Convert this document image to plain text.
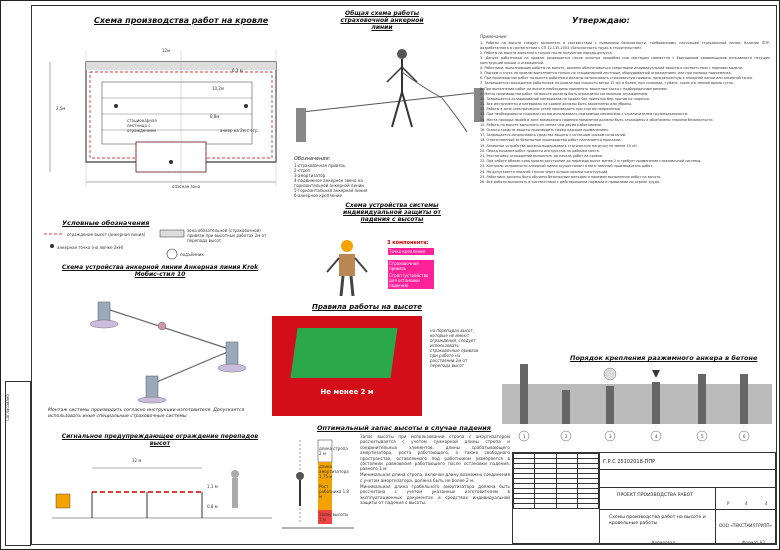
Согласовано
Схема производства работ на кровле
стационарная лестница с ограждением	анкер на 2м с огр.
опасная зона
12м
6,3 м
10,2м
8,8м
2,5м
Условные обозначения
ограждение высот (анкерная линия)
анкерная точка (на лючке 2кН)
зона обязательной (страховочной) привязи при высотных работах 2м от перепада высот
подъёмник
Схема устройства анкерной линии Анкерная линия Krok Мобис-стил 10
Монтаж системы производить согласно инструкции-изготовителя. Допускается использовать иные специальные страховочные системы
Сигнальное предупреждающее ограждение перепадов высот
12 м
1,1 м
0,8 м
Общая схема работы страховочной анкерной линии
Обозначения:
1-страховочная привязь
2-строп
3-амортизатор
4-подвижное анкерное звено на горизонтальной анкерной линии
5-горизонтальная анкерная линия
6-анкерное крепление
Схема устройства системы индивидуальной защиты от падения с высоты
3 компонента:
Точка крепления
Страховочная привязь
Строп (устройство для остановки падения)
Правила работы на высоте
Не менее 2 м
на перепадах высот, которые не имеют ограждения, следует использовать страховочные привязи при работе на расстоянии 2м от перепада высот
Оптимальный запас высоты в случае падения
длина стропа 2 м
длина амортизатора 1,75 м
Рост работника 1,8 м
Запас высоты 1 м

Запас высоты при использовании стропа с амортизатором рассчитывается с учетом суммарной длины стропа и соединительных элементов, длины срабатывающего амортизатора, роста работающего, а также свободного пространства, оставляемого под работником (измеряется в состоянии равновесия работающего после остановки падения, равного 1 м.

Минимальная длина стропа, включая длину возможно соединения с учетом амортизатора, должна быть не более 2 м.

Минимальная длина грабельного амортизатора должна быть рассчитана с учетом указанных изготовителем в эксплуатационных документах и средствах индивидуальной защиты от падения с высоты.

Утверждаю:
Примечание:

1. Работы на высоте следует выполнять в соответствии с правилами безопасности, требованиями, настоящей страховочной линии, Наличие ППР, разработанного в соответствии с СП 12-135-2003 «Безопасность труда в строительстве».

2. Работы на высоте выполнять только после получения наряда-допуска.

3. Допуск работников на кровлю разрешается после осмотра прорабом или мастером совместно с бригадиром кровельщиков исправности несущих конструкций крыши и ограждений.

4. Работники, выполняющие работы на высоте, должны обеспечиваться средствами индивидуальной защиты в соответствии с нормами выдачи.

5. Подъем и спуск на кровлю выполняется только по стационарной лестнице, оборудованной ограждением, или при помощи подъемника.

6. При производстве работ на высоте работники должны использовать страховочную привязь, прикрепленную к анкерной линии или анкерной точке.

7. Запрещается нахождение работников на кровле при скорости ветра 15 м/с и более, при гололеде, тумане, грозе и в темное время суток.

8. При выполнении работ на высоте необходимо применять защитные каски с подбородочным ремнем.

9. Места производства работ на высоте должны быть ограждены сигнальным ограждением.

10. Запрещается складирование материалов на кровле без принятия мер против их падения.

11. Все инструменты и материалы на кровле должны быть закреплены или убраны.

12. Работы в зоне электрических сетей производить при снятом напряжении.

13. При необходимости подъема грузов использовать подъемные механизмы с ограничителем грузоподъемности.

14. Места прохода людей в зоне возможного падения предметов должны быть ограждены и обозначены знаками безопасности.

15. Работы на высоте выполнять не менее чем двумя работниками.

16. Осмотр средств защиты производить перед каждым применением.

17. Запрещается использовать средства защиты с истекшим сроком испытаний.

18. Ответственный за безопасное производство работ назначается приказом.

19. Анкерные устройства должны выдерживать статическую нагрузку не менее 10 кН.

20. Перед началом работ провести инструктаж на рабочем месте.

21. Расстановку ограждений выполнять до начала работ на кровле.

22. При работе вблизи края кровли расстояние до перепада высот менее 2 м требует применения страховочной системы.

23. Контроль исправности анкерной линии осуществляет ответственный производитель работ.

24. Не допускается перегиб стропа через острые кромки конструкций.

25. Работники должны быть обучены безопасным методам и приемам выполнения работ на высоте.

26. Все работы выполнять в соответствии с действующими нормами и правилами по охране труда.

Порядок крепления разжимного анкера в бетоне
1	2	3	4	5	6
Г.Р.С 25102018-ППР
ПРОЕКТ ПРОИЗВОДСТВА РАБОТ
Схемы производства работ на высоте и кровельные работы	ООО «ТЕКСТАИЛГРУПП»
Р	4	4

Копировал	Формат А3
